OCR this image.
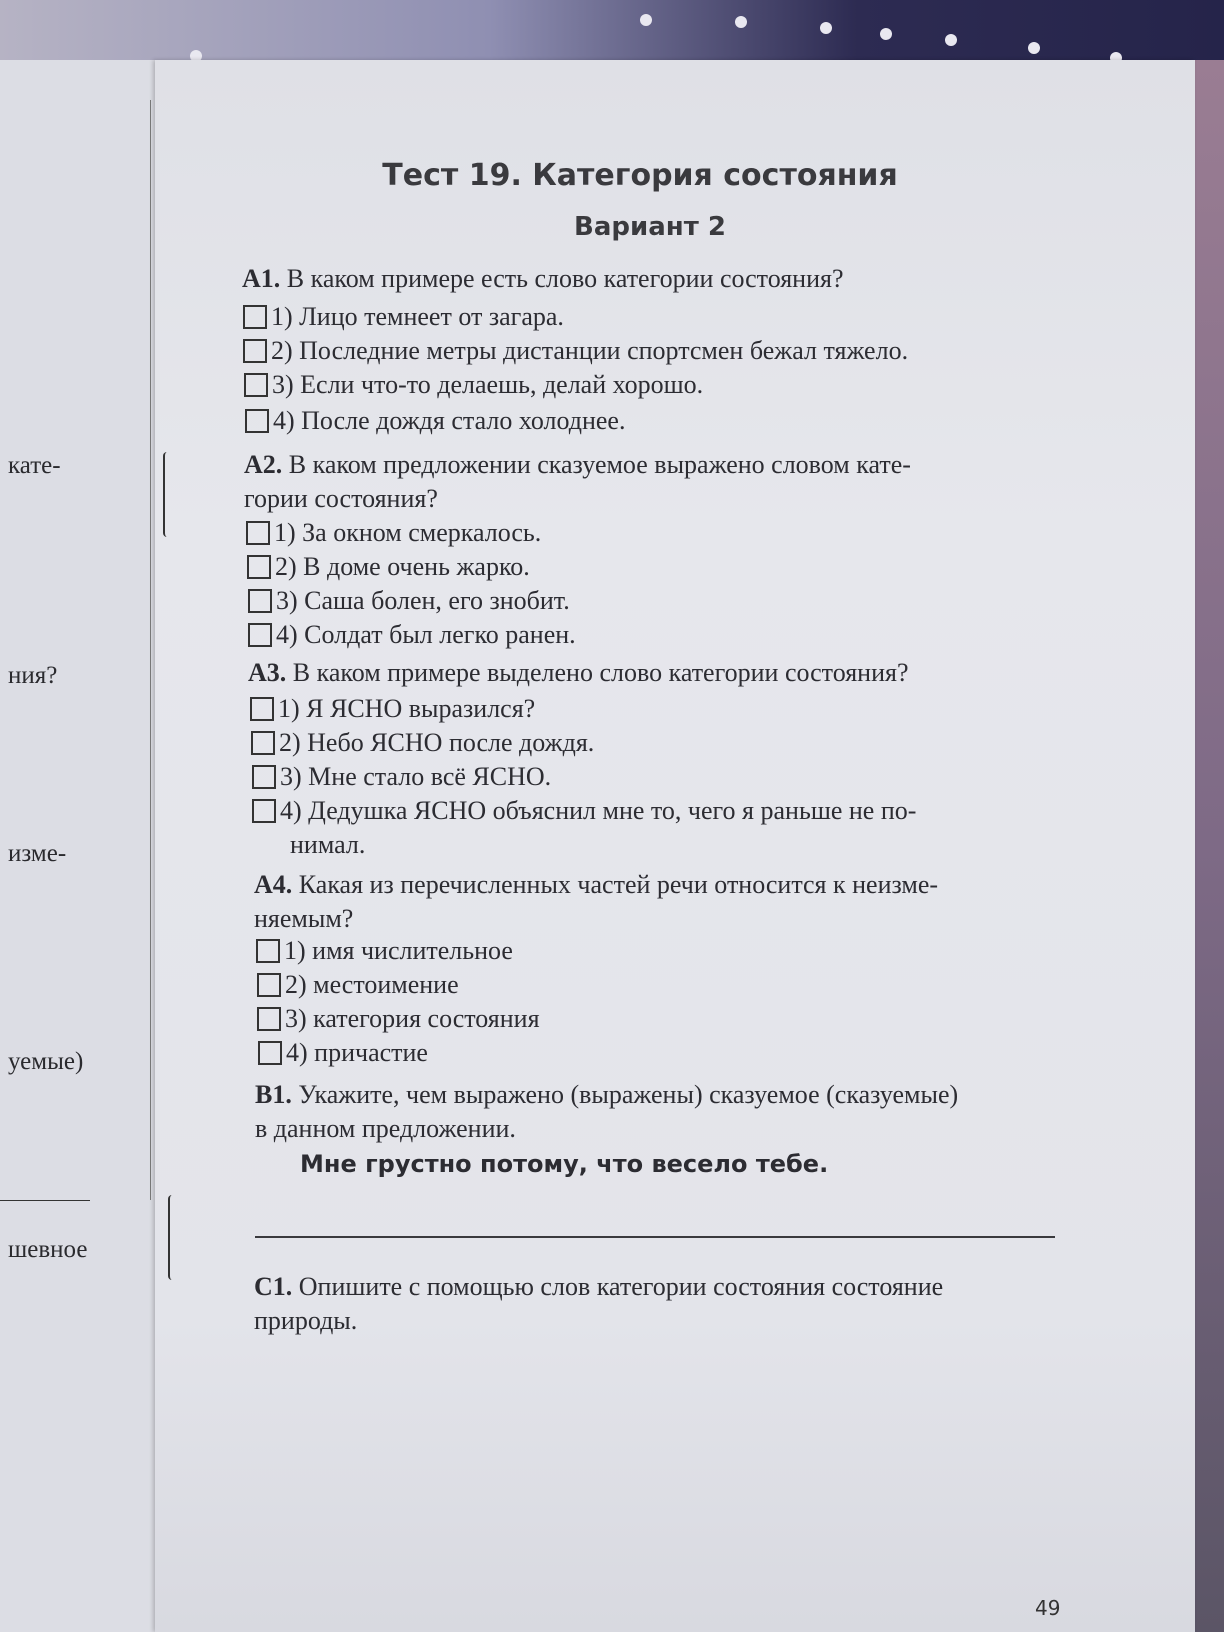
кате-
ния?
изме-
уемые)
шевное
Тест 19. Категория состояния
Вариант 2
A1. В каком примере есть слово категории состояния?
1) Лицо темнеет от загара.
2) Последние метры дистанции спортсмен бежал тяжело.
3) Если что-то делаешь, делай хорошо.
4) После дождя стало холоднее.
A2. В каком предложении сказуемое выражено словом кате-
гории состояния?
1) За окном смеркалось.
2) В доме очень жарко.
3) Саша болен, его знобит.
4) Солдат был легко ранен.
A3. В каком примере выделено слово категории состояния?
1) Я ЯСНО выразился?
2) Небо ЯСНО после дождя.
3) Мне стало всё ЯСНО.
4) Дедушка ЯСНО объяснил мне то, чего я раньше не по-
нимал.
A4. Какая из перечисленных частей речи относится к неизме-
няемым?
1) имя числительное
2) местоимение
3) категория состояния
4) причастие
B1. Укажите, чем выражено (выражены) сказуемое (сказуемые)
в данном предложении.
Мне грустно потому, что весело тебе.
C1. Опишите с помощью слов категории состояния состояние
природы.
49
